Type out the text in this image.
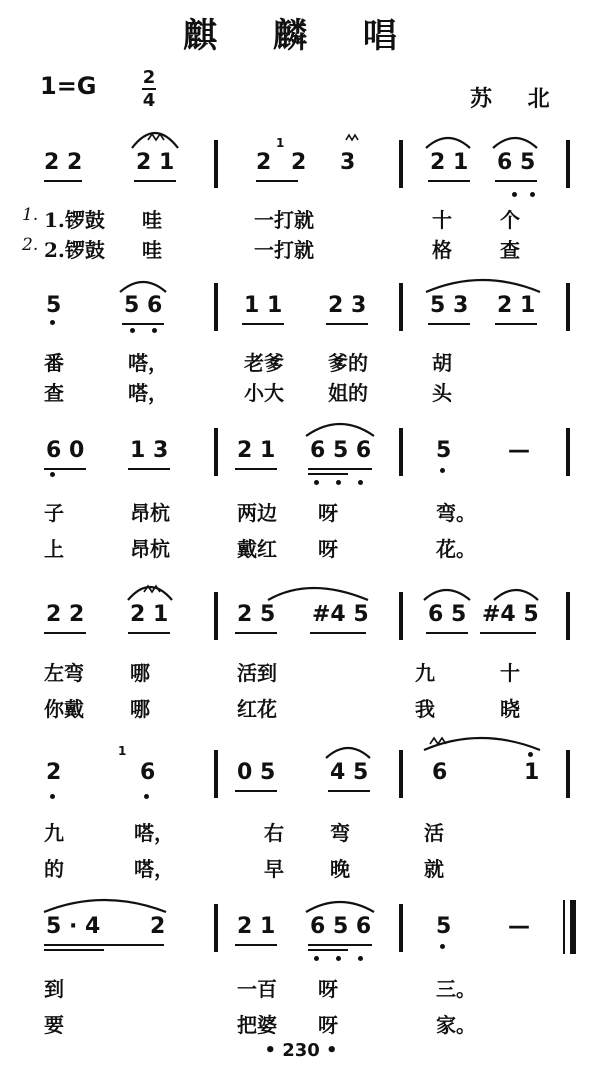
麒 麟 唱
1=G	2
4	苏 北
2 2 2 1	2 2 3	2 1 6 5
1. 1.锣鼓 哇	一打就	十 个
2. 2.锣鼓 哇	一打就	格 查
5	5 6	1 1 2 3	5 3 2 1
番	嗒，	老爹 爹的	胡
查	嗒，	小大 姐的	头
6 0 1 3	2 1 6 5 6	5	—
子	昂杭	两边 呀	弯。
上	昂杭	戴红 呀	花。
2 2 2 1	2 5 #4 5	6 5 #4 5
左弯 哪	活到	九	十
你戴 哪	红花	我	晓
2	6	0 5 4 5	6	1
九	嗒，	右 弯	活
的	嗒，	早 晚	就
5 · 4 2	2 1 6 5 6	5	—
到	一百 呀	三。
要	把婆 呀	家。
• 230 •
1
1
